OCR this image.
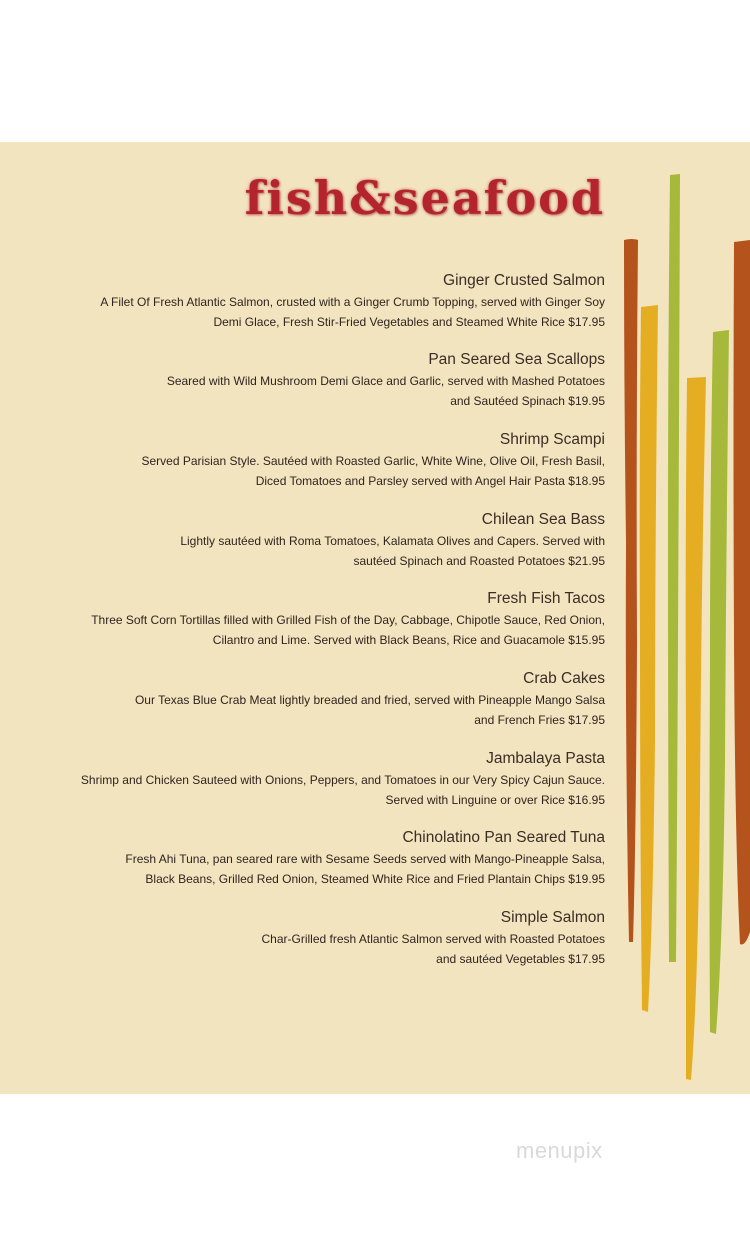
fish&seafood
Ginger Crusted Salmon

A Filet Of Fresh Atlantic Salmon, crusted with a Ginger Crumb Topping, served with Ginger Soy
Demi Glace, Fresh Stir-Fried Vegetables and Steamed White Rice $17.95

Pan Seared Sea Scallops

Seared with Wild Mushroom Demi Glace and Garlic, served with Mashed Potatoes
and Sautéed Spinach $19.95

Shrimp Scampi

Served Parisian Style. Sautéed with Roasted Garlic, White Wine, Olive Oil, Fresh Basil,
Diced Tomatoes and Parsley served with Angel Hair Pasta $18.95

Chilean Sea Bass

Lightly sautéed with Roma Tomatoes, Kalamata Olives and Capers. Served with
sautéed Spinach and Roasted Potatoes $21.95

Fresh Fish Tacos

Three Soft Corn Tortillas filled with Grilled Fish of the Day, Cabbage, Chipotle Sauce, Red Onion,
Cilantro and Lime. Served with Black Beans, Rice and Guacamole $15.95

Crab Cakes

Our Texas Blue Crab Meat lightly breaded and fried, served with Pineapple Mango Salsa
and French Fries $17.95

Jambalaya Pasta

Shrimp and Chicken Sauteed with Onions, Peppers, and Tomatoes in our Very Spicy Cajun Sauce.
Served with Linguine or over Rice $16.95

Chinolatino Pan Seared Tuna

Fresh Ahi Tuna, pan seared rare with Sesame Seeds served with Mango-Pineapple Salsa,
Black Beans, Grilled Red Onion, Steamed White Rice and Fried Plantain Chips $19.95

Simple Salmon

Char-Grilled fresh Atlantic Salmon served with Roasted Potatoes
and sautéed Vegetables $17.95

menupix
